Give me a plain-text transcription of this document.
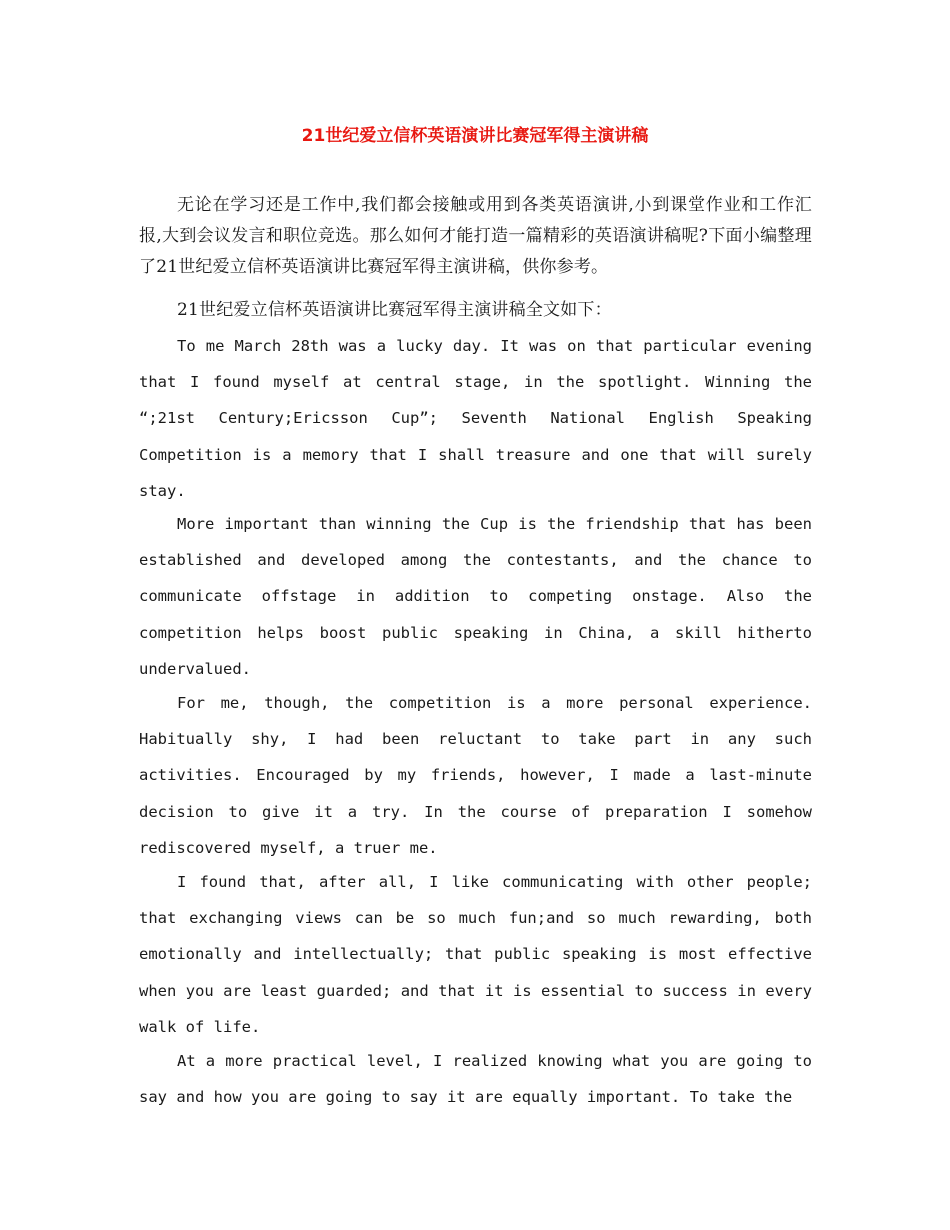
21世纪爱立信杯英语演讲比赛冠军得主演讲稿

无论在学习还是工作中,我们都会接触或用到各类英语演讲,小到课堂作业和工作汇报,大到会议发言和职位竞选。那么如何才能打造一篇精彩的英语演讲稿呢?下面小编整理了21世纪爱立信杯英语演讲比赛冠军得主演讲稿，供你参考。

21世纪爱立信杯英语演讲比赛冠军得主演讲稿全文如下：

To me March 28th was a lucky day. It was on that particular evening that I found myself at central stage, in the spotlight. Winning the “;21st Century;Ericsson Cup”; Seventh National English Speaking Competition is a memory that I shall treasure and one that will surely stay.

More important than winning the Cup is the friendship that has been established and developed among the contestants, and the chance to communicate offstage in addition to competing onstage. Also the competition helps boost public speaking in China, a skill hitherto undervalued.

For me, though, the competition is a more personal experience. Habitually shy, I had been reluctant to take part in any such activities. Encouraged by my friends, however, I made a last-minute decision to give it a try. In the course of preparation I somehow rediscovered myself, a truer me.

I found that, after all, I like communicating with other people; that exchanging views can be so much fun;and so much rewarding, both emotionally and intellectually; that public speaking is most effective when you are least guarded; and that it is essential to success in every walk of life.

At a more practical level, I realized knowing what you are going to say and how you are going to say it are equally important. To take the
